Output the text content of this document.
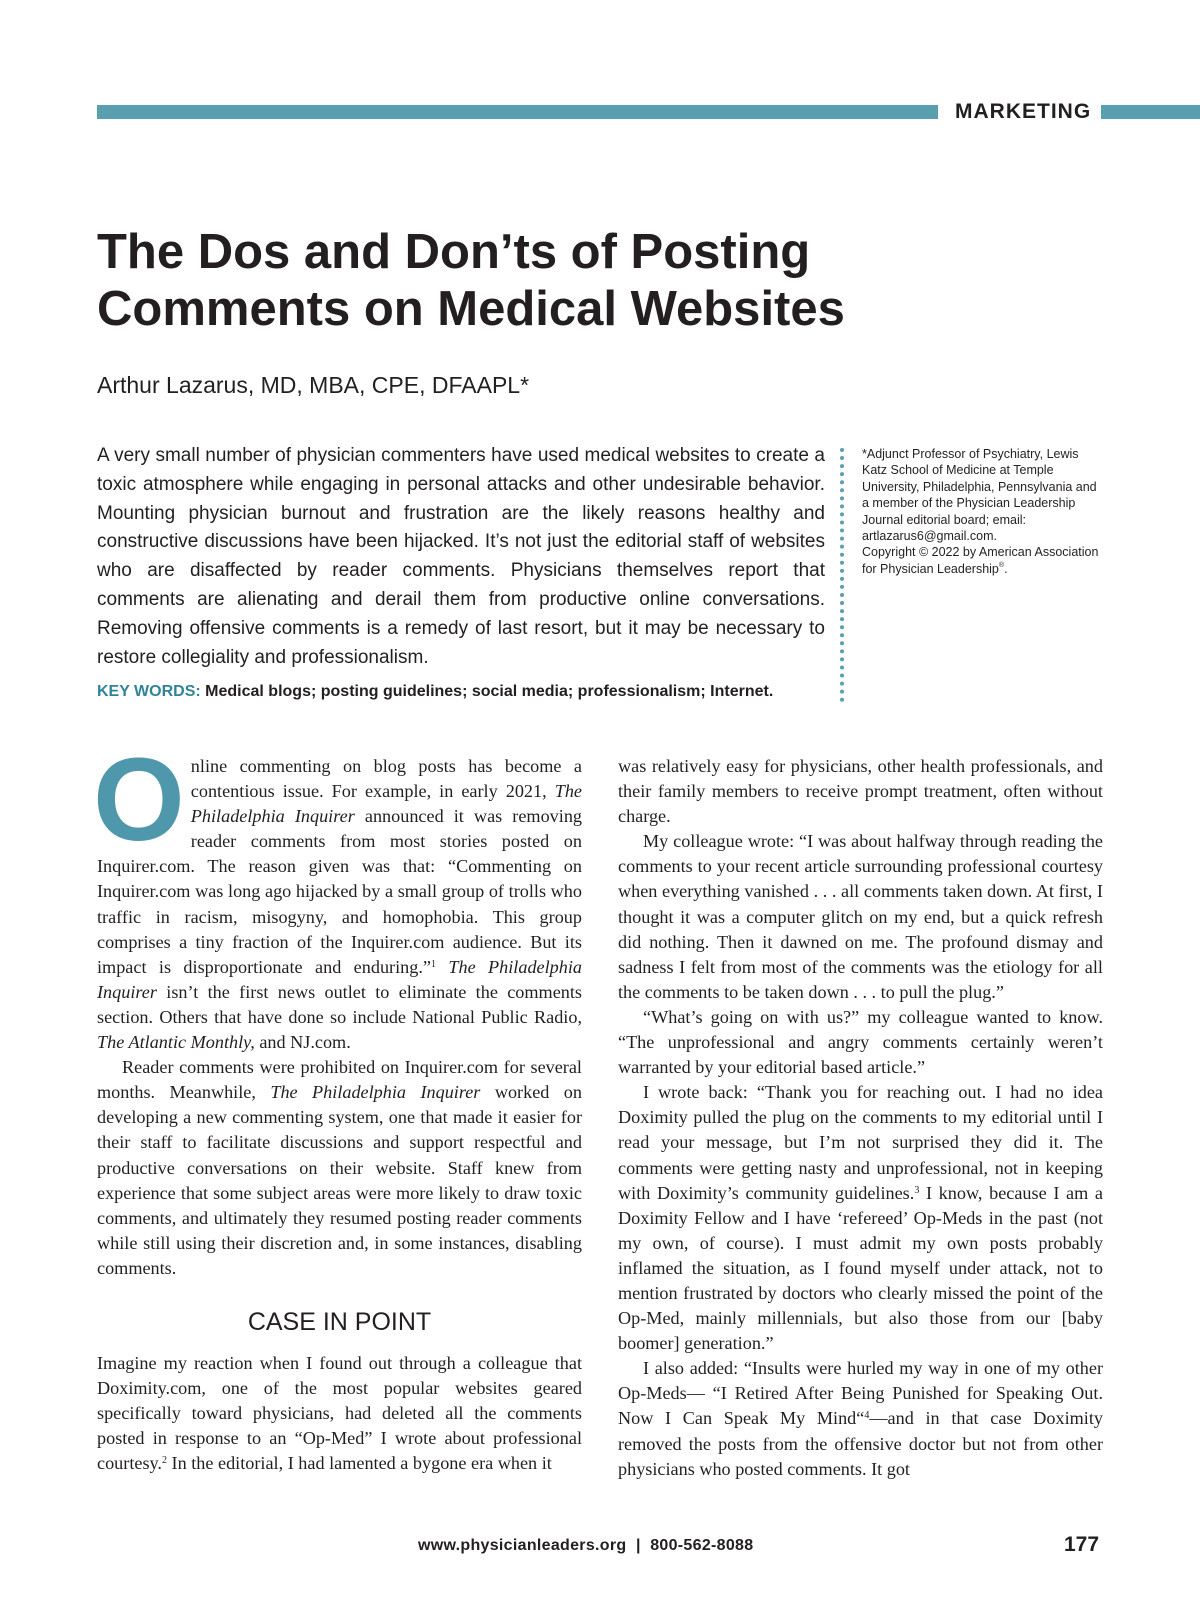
MARKETING
The Dos and Don’ts of Posting Comments on Medical Websites
Arthur Lazarus, MD, MBA, CPE, DFAAPL*

A very small number of physician commenters have used medical websites to create a toxic atmosphere while engaging in personal attacks and other undesirable behavior. Mounting physician burnout and frustration are the likely reasons healthy and constructive discussions have been hijacked. It’s not just the editorial staff of websites who are disaffected by reader comments. Physicians themselves report that comments are alienating and derail them from productive online conversations. Removing offensive comments is a remedy of last resort, but it may be necessary to restore collegiality and professionalism.

KEY WORDS: Medical blogs; posting guidelines; social media; professionalism; Internet.

*Adjunct Professor of Psychiatry, Lewis Katz School of Medicine at Temple University, Philadelphia, Pennsylvania and a member of the Physician Leadership Journal editorial board; email: artlazarus6@gmail.com.
Copyright © 2022 by American Association for Physician Leadership®.

Online commenting on blog posts has become a contentious issue. For example, in early 2021, The Philadelphia Inquirer announced it was removing reader comments from most stories posted on Inquirer.com. The reason given was that: “Commenting on Inquirer.com was long ago hijacked by a small group of trolls who traffic in racism, misogyny, and homophobia. This group comprises a tiny fraction of the Inquirer.com audience. But its impact is disproportionate and enduring.”$^1$ The Philadelphia Inquirer isn’t the first news outlet to eliminate the comments section. Others that have done so include National Public Radio, The Atlantic Monthly, and NJ.com.

Reader comments were prohibited on Inquirer.com for several months. Meanwhile, The Philadelphia Inquirer worked on developing a new commenting system, one that made it easier for their staff to facilitate discussions and support respectful and productive conversations on their website. Staff knew from experience that some subject areas were more likely to draw toxic comments, and ultimately they resumed posting reader comments while still using their discretion and, in some instances, disabling comments.

CASE IN POINT

Imagine my reaction when I found out through a colleague that Doximity.com, one of the most popular websites geared specifically toward physicians, had deleted all the comments posted in response to an “Op-Med” I wrote about professional courtesy.$^2$ In the editorial, I had lamented a bygone era when it

was relatively easy for physicians, other health professionals, and their family members to receive prompt treatment, often without charge.

My colleague wrote: “I was about halfway through reading the comments to your recent article surrounding professional courtesy when everything vanished . . . all comments taken down. At first, I thought it was a computer glitch on my end, but a quick refresh did nothing. Then it dawned on me. The profound dismay and sadness I felt from most of the comments was the etiology for all the comments to be taken down . . . to pull the plug.”

“What’s going on with us?” my colleague wanted to know. “The unprofessional and angry comments certainly weren’t warranted by your editorial based article.”

I wrote back: “Thank you for reaching out. I had no idea Doximity pulled the plug on the comments to my editorial until I read your message, but I’m not surprised they did it. The comments were getting nasty and unprofessional, not in keeping with Doximity’s community guidelines.$^3$ I know, because I am a Doximity Fellow and I have ‘refereed’ Op-Meds in the past (not my own, of course). I must admit my own posts probably inflamed the situation, as I found myself under attack, not to mention frustrated by doctors who clearly missed the point of the Op-Med, mainly millennials, but also those from our [baby boomer] generation.”

I also added: “Insults were hurled my way in one of my other Op-Meds— “I Retired After Being Punished for Speaking Out. Now I Can Speak My Mind“$^4$—and in that case Doximity removed the posts from the offensive doctor but not from other physicians who posted comments. It got

www.physicianleaders.org  |  800-562-8088	177
